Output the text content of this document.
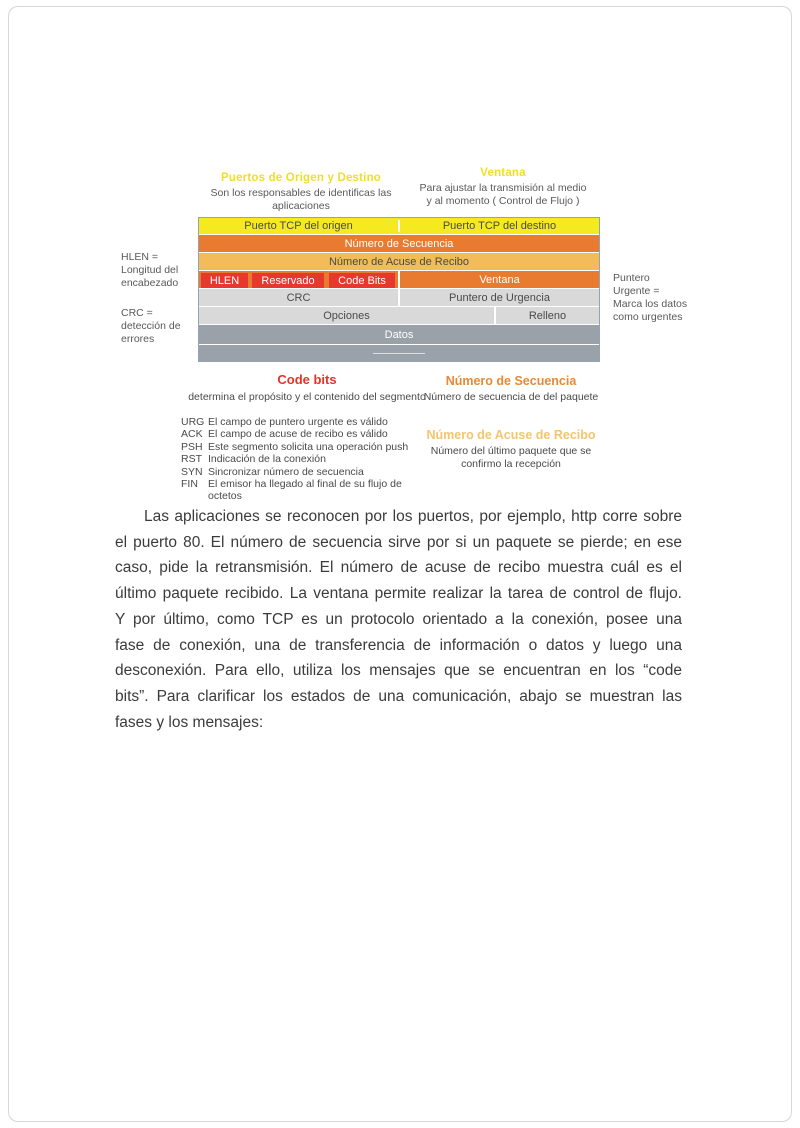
Puertos de Origen y Destino
Son los responsables de identificas las
aplicaciones
Ventana
Para ajustar la transmisión al medio
y al momento ( Control de Flujo )
HLEN =
Longitud del
encabezado
CRC =
detección de
errores
Puntero
Urgente =
Marca los datos
como urgentes
Puerto TCP del origen	Puerto TCP del destino
Número de Secuencia
Número de Acuse de Recibo
HLEN	Reservado	Code Bits	Ventana
CRC	Puntero de Urgencia
Opciones	Relleno
Datos
Code bits
determina el propósito y el contenido del segmento
URG El campo de puntero urgente es válido
ACK El campo de acuse de recibo es válido
PSH Este segmento solicita una operación push
RST Indicación de la conexión
SYN Sincronizar número de secuencia
FIN El emisor ha llegado al final de su flujo de octetos
Número de Secuencia
Número de secuencia de del paquete
Número de Acuse de Recibo
Número del último paquete que se
confirmo la recepción
Las aplicaciones se reconocen por los puertos, por ejemplo, http corre sobre
el puerto 80. El número de secuencia sirve por si un paquete se pierde; en ese
caso, pide la retransmisión. El número de acuse de recibo muestra cuál es el
último paquete recibido. La ventana permite realizar la tarea de control de flujo.
Y por último, como TCP es un protocolo orientado a la conexión, posee una
fase de conexión, una de transferencia de información o datos y luego una
desconexión. Para ello, utiliza los mensajes que se encuentran en los “code
bits”. Para clarificar los estados de una comunicación, abajo se muestran las
fases y los mensajes:
